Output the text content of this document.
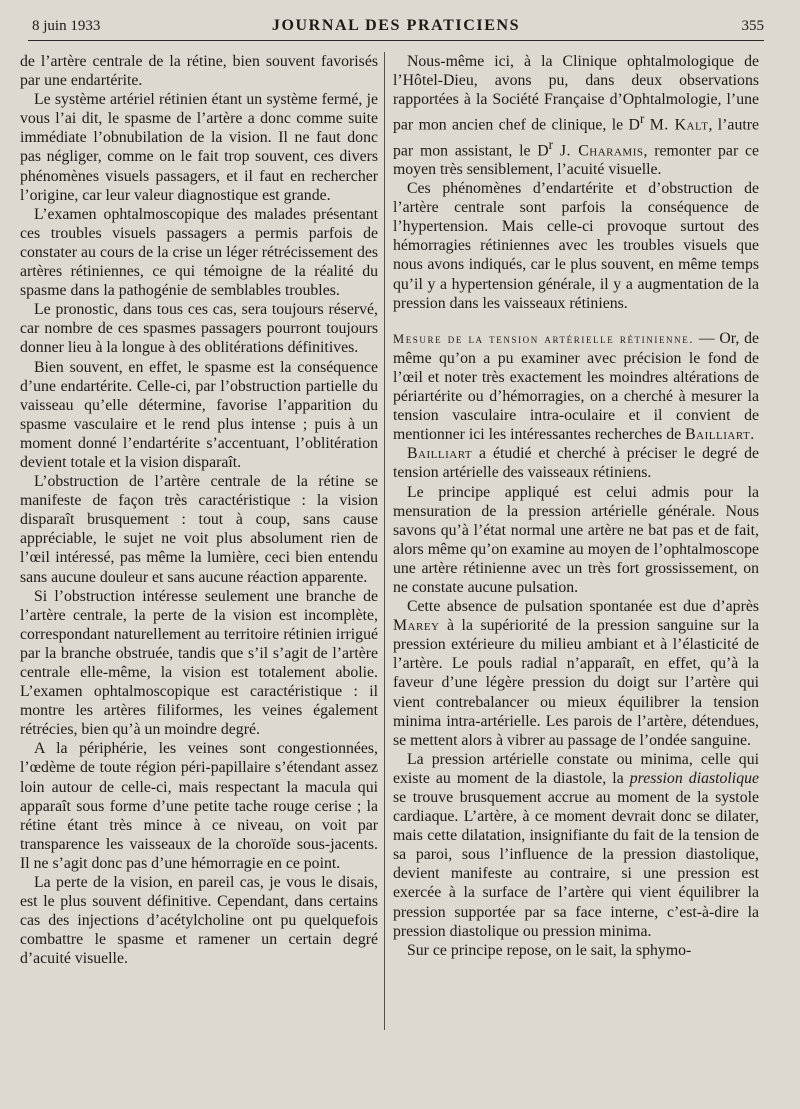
8 juin 1933	JOURNAL DES PRATICIENS	355

de l’artère centrale de la rétine, bien souvent favorisés par une endartérite.

Le système artériel rétinien étant un système fermé, je vous l’ai dit, le spasme de l’artère a donc comme suite immédiate l’obnubilation de la vision. Il ne faut donc pas négliger, comme on le fait trop souvent, ces divers phénomènes visuels passagers, et il faut en rechercher l’origine, car leur valeur diagnostique est grande.

L’examen ophtalmoscopique des malades présentant ces troubles visuels passagers a permis parfois de constater au cours de la crise un léger rétrécissement des artères rétiniennes, ce qui témoigne de la réalité du spasme dans la pathogénie de semblables troubles.

Le pronostic, dans tous ces cas, sera toujours réservé, car nombre de ces spasmes passagers pourront toujours donner lieu à la longue à des oblitérations définitives.

Bien souvent, en effet, le spasme est la conséquence d’une endartérite. Celle-ci, par l’obstruction partielle du vaisseau qu’elle détermine, favorise l’apparition du spasme vasculaire et le rend plus intense ; puis à un moment donné l’endartérite s’accentuant, l’oblitération devient totale et la vision disparaît.

L’obstruction de l’artère centrale de la rétine se manifeste de façon très caractéristique : la vision disparaît brusquement : tout à coup, sans cause appréciable, le sujet ne voit plus absolument rien de l’œil intéressé, pas même la lumière, ceci bien entendu sans aucune douleur et sans aucune réaction apparente.

Si l’obstruction intéresse seulement une branche de l’artère centrale, la perte de la vision est incomplète, correspondant naturellement au territoire rétinien irrigué par la branche obstruée, tandis que s’il s’agit de l’artère centrale elle-même, la vision est totalement abolie. L’examen ophtalmoscopique est caractéristique : il montre les artères filiformes, les veines également rétrécies, bien qu’à un moindre degré.

A la périphérie, les veines sont congestionnées, l’œdème de toute région péri-papillaire s’étendant assez loin autour de celle-ci, mais respectant la macula qui apparaît sous forme d’une petite tache rouge cerise ; la rétine étant très mince à ce niveau, on voit par transparence les vaisseaux de la choroïde sous-jacents. Il ne s’agit donc pas d’une hémorragie en ce point.

La perte de la vision, en pareil cas, je vous le disais, est le plus souvent définitive. Cependant, dans certains cas des injections d’acétylcholine ont pu quelquefois combattre le spasme et ramener un certain degré d’acuité visuelle.

Nous-même ici, à la Clinique ophtalmologique de l’Hôtel-Dieu, avons pu, dans deux observations rapportées à la Société Française d’Ophtalmologie, l’une par mon ancien chef de clinique, le $D^r$ M. Kalt, l’autre par mon assistant, le $D^r$ J. Charamis, remonter par ce moyen très sensiblement, l’acuité visuelle.

Ces phénomènes d’endartérite et d’obstruction de l’artère centrale sont parfois la conséquence de l’hypertension. Mais celle-ci provoque surtout des hémorragies rétiniennes avec les troubles visuels que nous avons indiqués, car le plus souvent, en même temps qu’il y a hypertension générale, il y a augmentation de la pression dans les vaisseaux rétiniens.

Mesure de la tension artérielle rétinienne. — Or, de même qu’on a pu examiner avec précision le fond de l’œil et noter très exactement les moindres altérations de périartérite ou d’hémorragies, on a cherché à mesurer la tension vasculaire intra-oculaire et il convient de mentionner ici les intéressantes recherches de Bailliart.

Bailliart a étudié et cherché à préciser le degré de tension artérielle des vaisseaux rétiniens.

Le principe appliqué est celui admis pour la mensuration de la pression artérielle générale. Nous savons qu’à l’état normal une artère ne bat pas et de fait, alors même qu’on examine au moyen de l’ophtalmoscope une artère rétinienne avec un très fort grossissement, on ne constate aucune pulsation.

Cette absence de pulsation spontanée est due d’après Marey à la supériorité de la pression sanguine sur la pression extérieure du milieu ambiant et à l’élasticité de l’artère. Le pouls radial n’apparaît, en effet, qu’à la faveur d’une légère pression du doigt sur l’artère qui vient contrebalancer ou mieux équilibrer la tension minima intra-artérielle. Les parois de l’artère, détendues, se mettent alors à vibrer au passage de l’ondée sanguine.

La pression artérielle constate ou minima, celle qui existe au moment de la diastole, la pression diastolique se trouve brusquement accrue au moment de la systole cardiaque. L’artère, à ce moment devrait donc se dilater, mais cette dilatation, insignifiante du fait de la tension de sa paroi, sous l’influence de la pression diastolique, devient manifeste au contraire, si une pression est exercée à la surface de l’artère qui vient équilibrer la pression supportée par sa face interne, c’est-à-dire la pression diastolique ou pression minima.

Sur ce principe repose, on le sait, la sphymo-
